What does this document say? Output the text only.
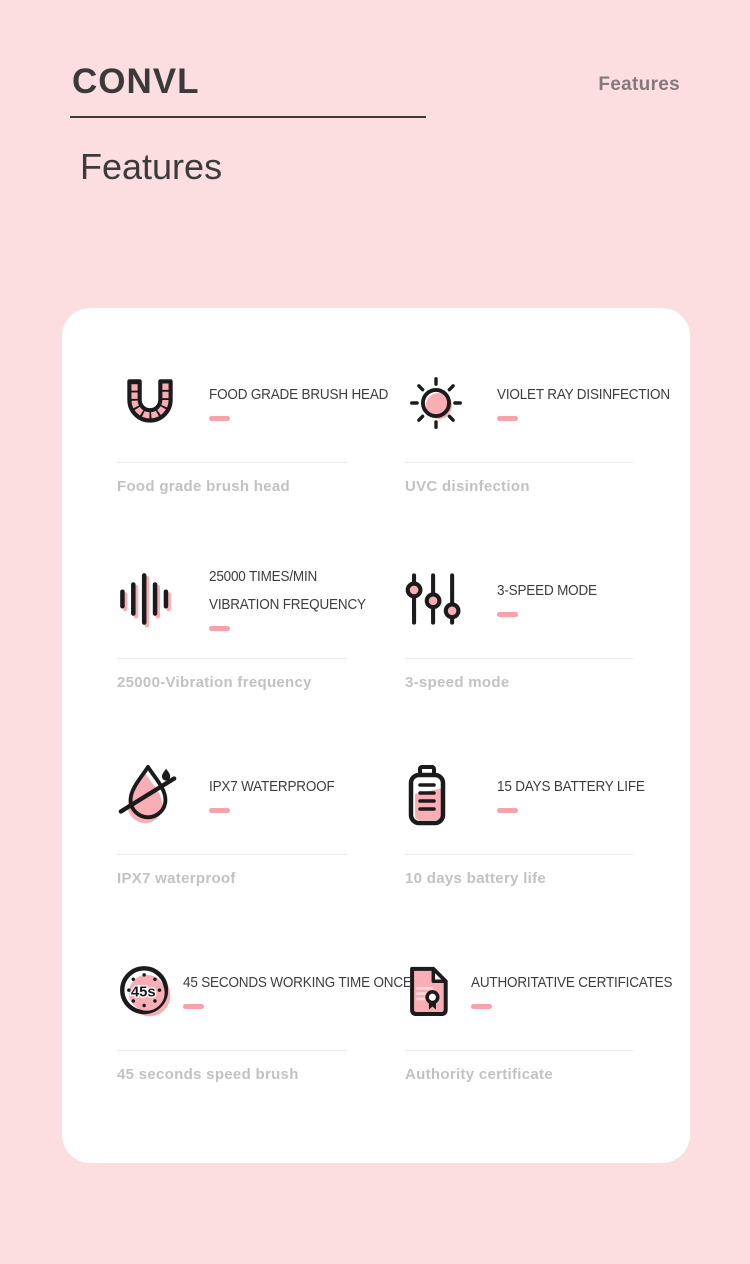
CONVL	Features
Features
FOOD GRADE BRUSH HEAD
Food grade brush head
VIOLET RAY DISINFECTION
UVC disinfection
25000 TIMES/MIN
VIBRATION FREQUENCY
25000-Vibration frequency
3-SPEED MODE
3-speed mode
IPX7 WATERPROOF
IPX7 waterproof
15 DAYS BATTERY LIFE
10 days battery life
45s
45 SECONDS WORKING TIME ONCE
45 seconds speed brush
AUTHORITATIVE CERTIFICATES
Authority certificate
